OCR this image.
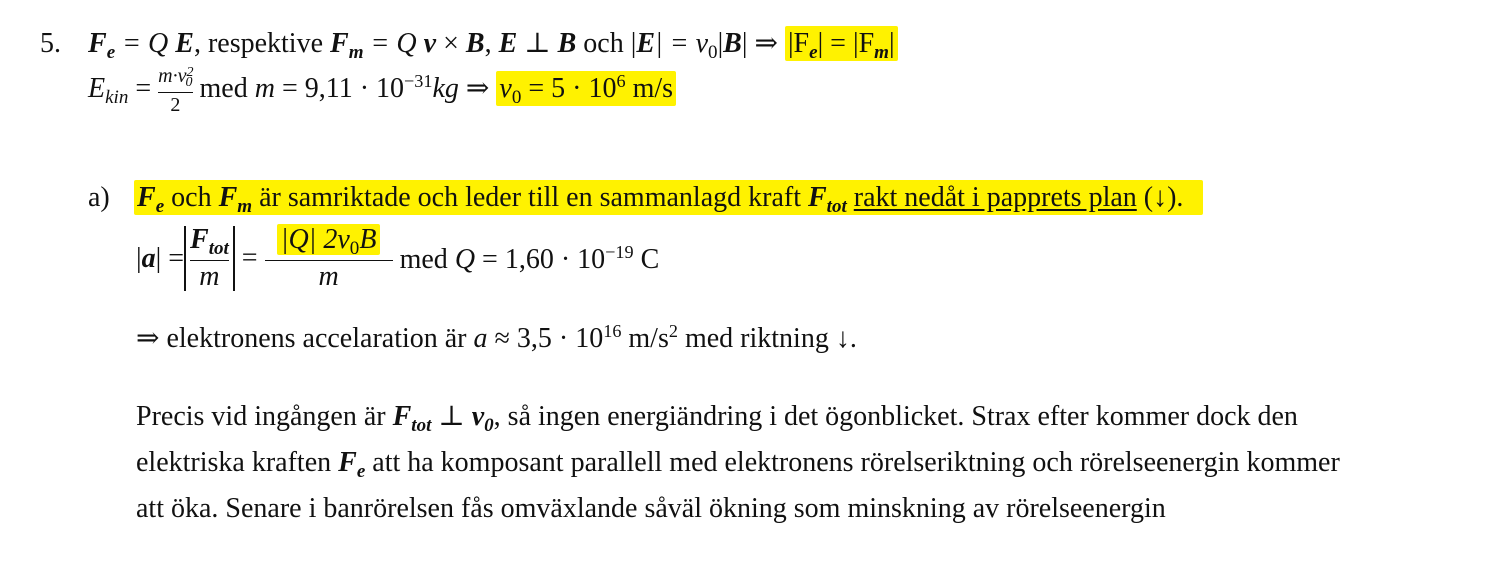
5. $F_e = Q$ E, respektive $F_m = Q$ v × B, E ⊥ B och $|E| = v_0|B|$ ⇒ $|F_e| = |F_m|$
$E_{kin} = \frac{m\cdot v^2_0}{2}$ med $m = 9,11 \cdot 10^{-31}kg$ ⇒ $v_0 = 5 \cdot 10^6$ m/s
a) $F_e$ och $F_m$ är samriktade och leder till en sammanlagd kraft $F_{tot}$ rakt nedåt i papprets plan (↓).
$|a| = \frac{F_{tot}}{m} = \frac{|Q| 2v_0B}{m}$ med $Q = 1,60 \cdot 10^{-19}$ C
⇒ elektronens accelaration är $a \approx 3,5 \cdot 10^{16}$ $m/s^2$ med riktning ↓.
Precis vid ingången är $F_{tot}$ ⊥ $v_0$, så ingen energiändring i det ögonblicket. Strax efter kommer dock den elektriska kraften $F_e$ att ha komposant parallell med elektronens rörelseriktning och rörelseenergin kommer att öka. Senare i banrörelsen fås omväxlande såväl ökning som minskning av rörelseenergin
